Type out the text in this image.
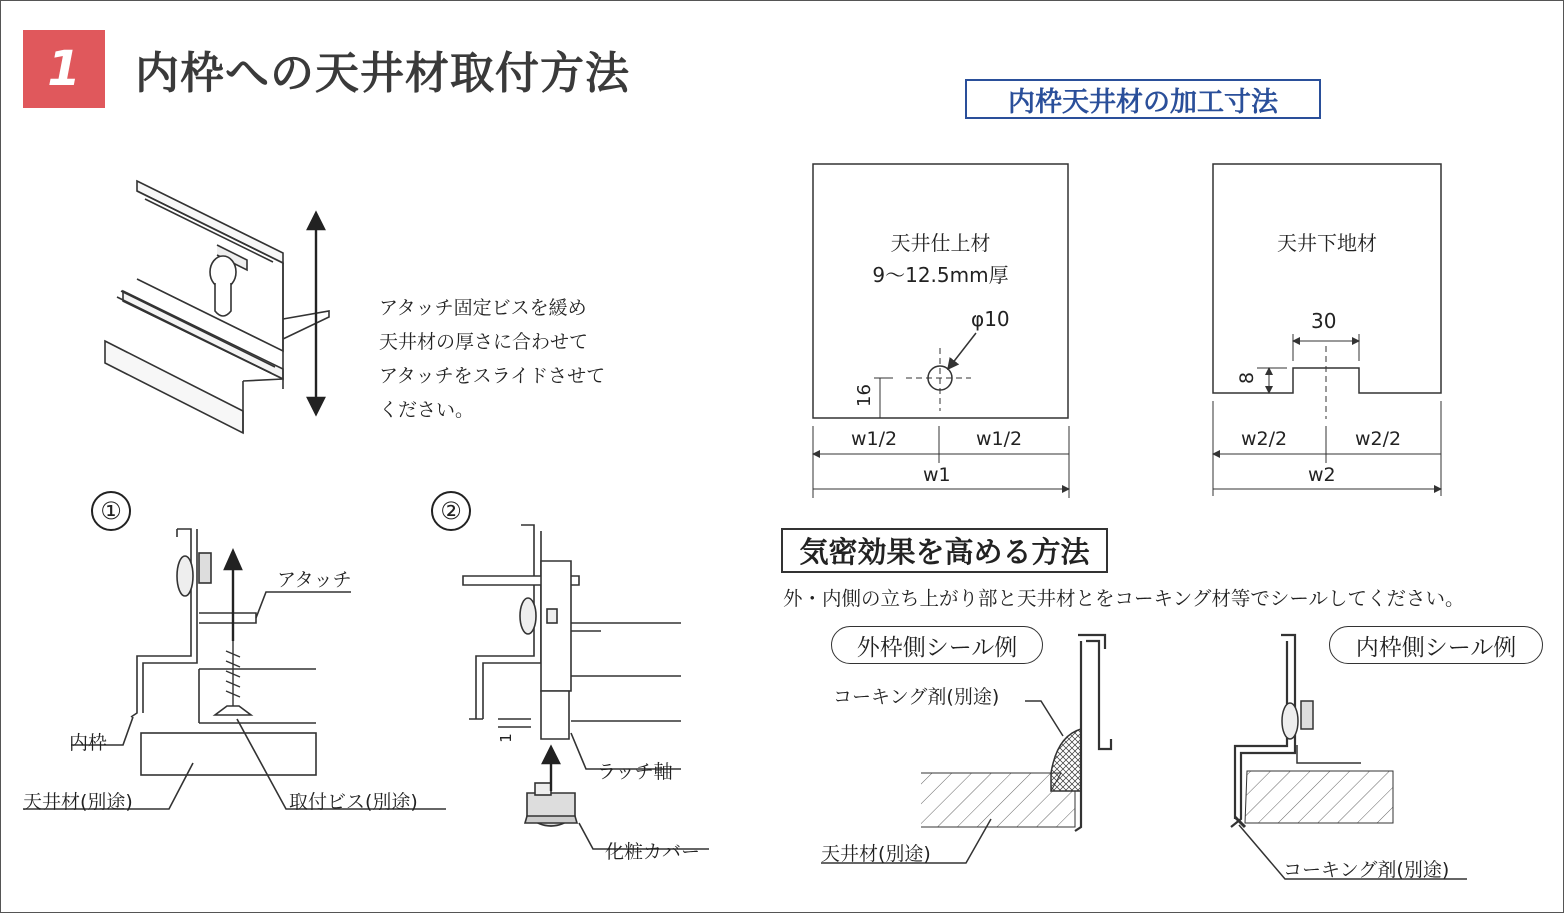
1	内枠への天井材取付方法
アタッチ固定ビスを緩め
天井材の厚さに合わせて
アタッチをスライドさせて
ください。
①
アタッチ
内枠
天井材(別途)	取付ビス(別途)
②
ラッチ軸
化粧カバー
1
内枠天井材の加工寸法
天井仕上材
9〜12.5mm厚
φ10
16
w1/2	w1/2
w1
天井下地材
30
8
w2/2	w2/2
w2
気密効果を高める方法
外・内側の立ち上がり部と天井材とをコーキング材等でシールしてください。
外枠側シール例	内枠側シール例
コーキング剤(別途)
天井材(別途)
コーキング剤(別途)
